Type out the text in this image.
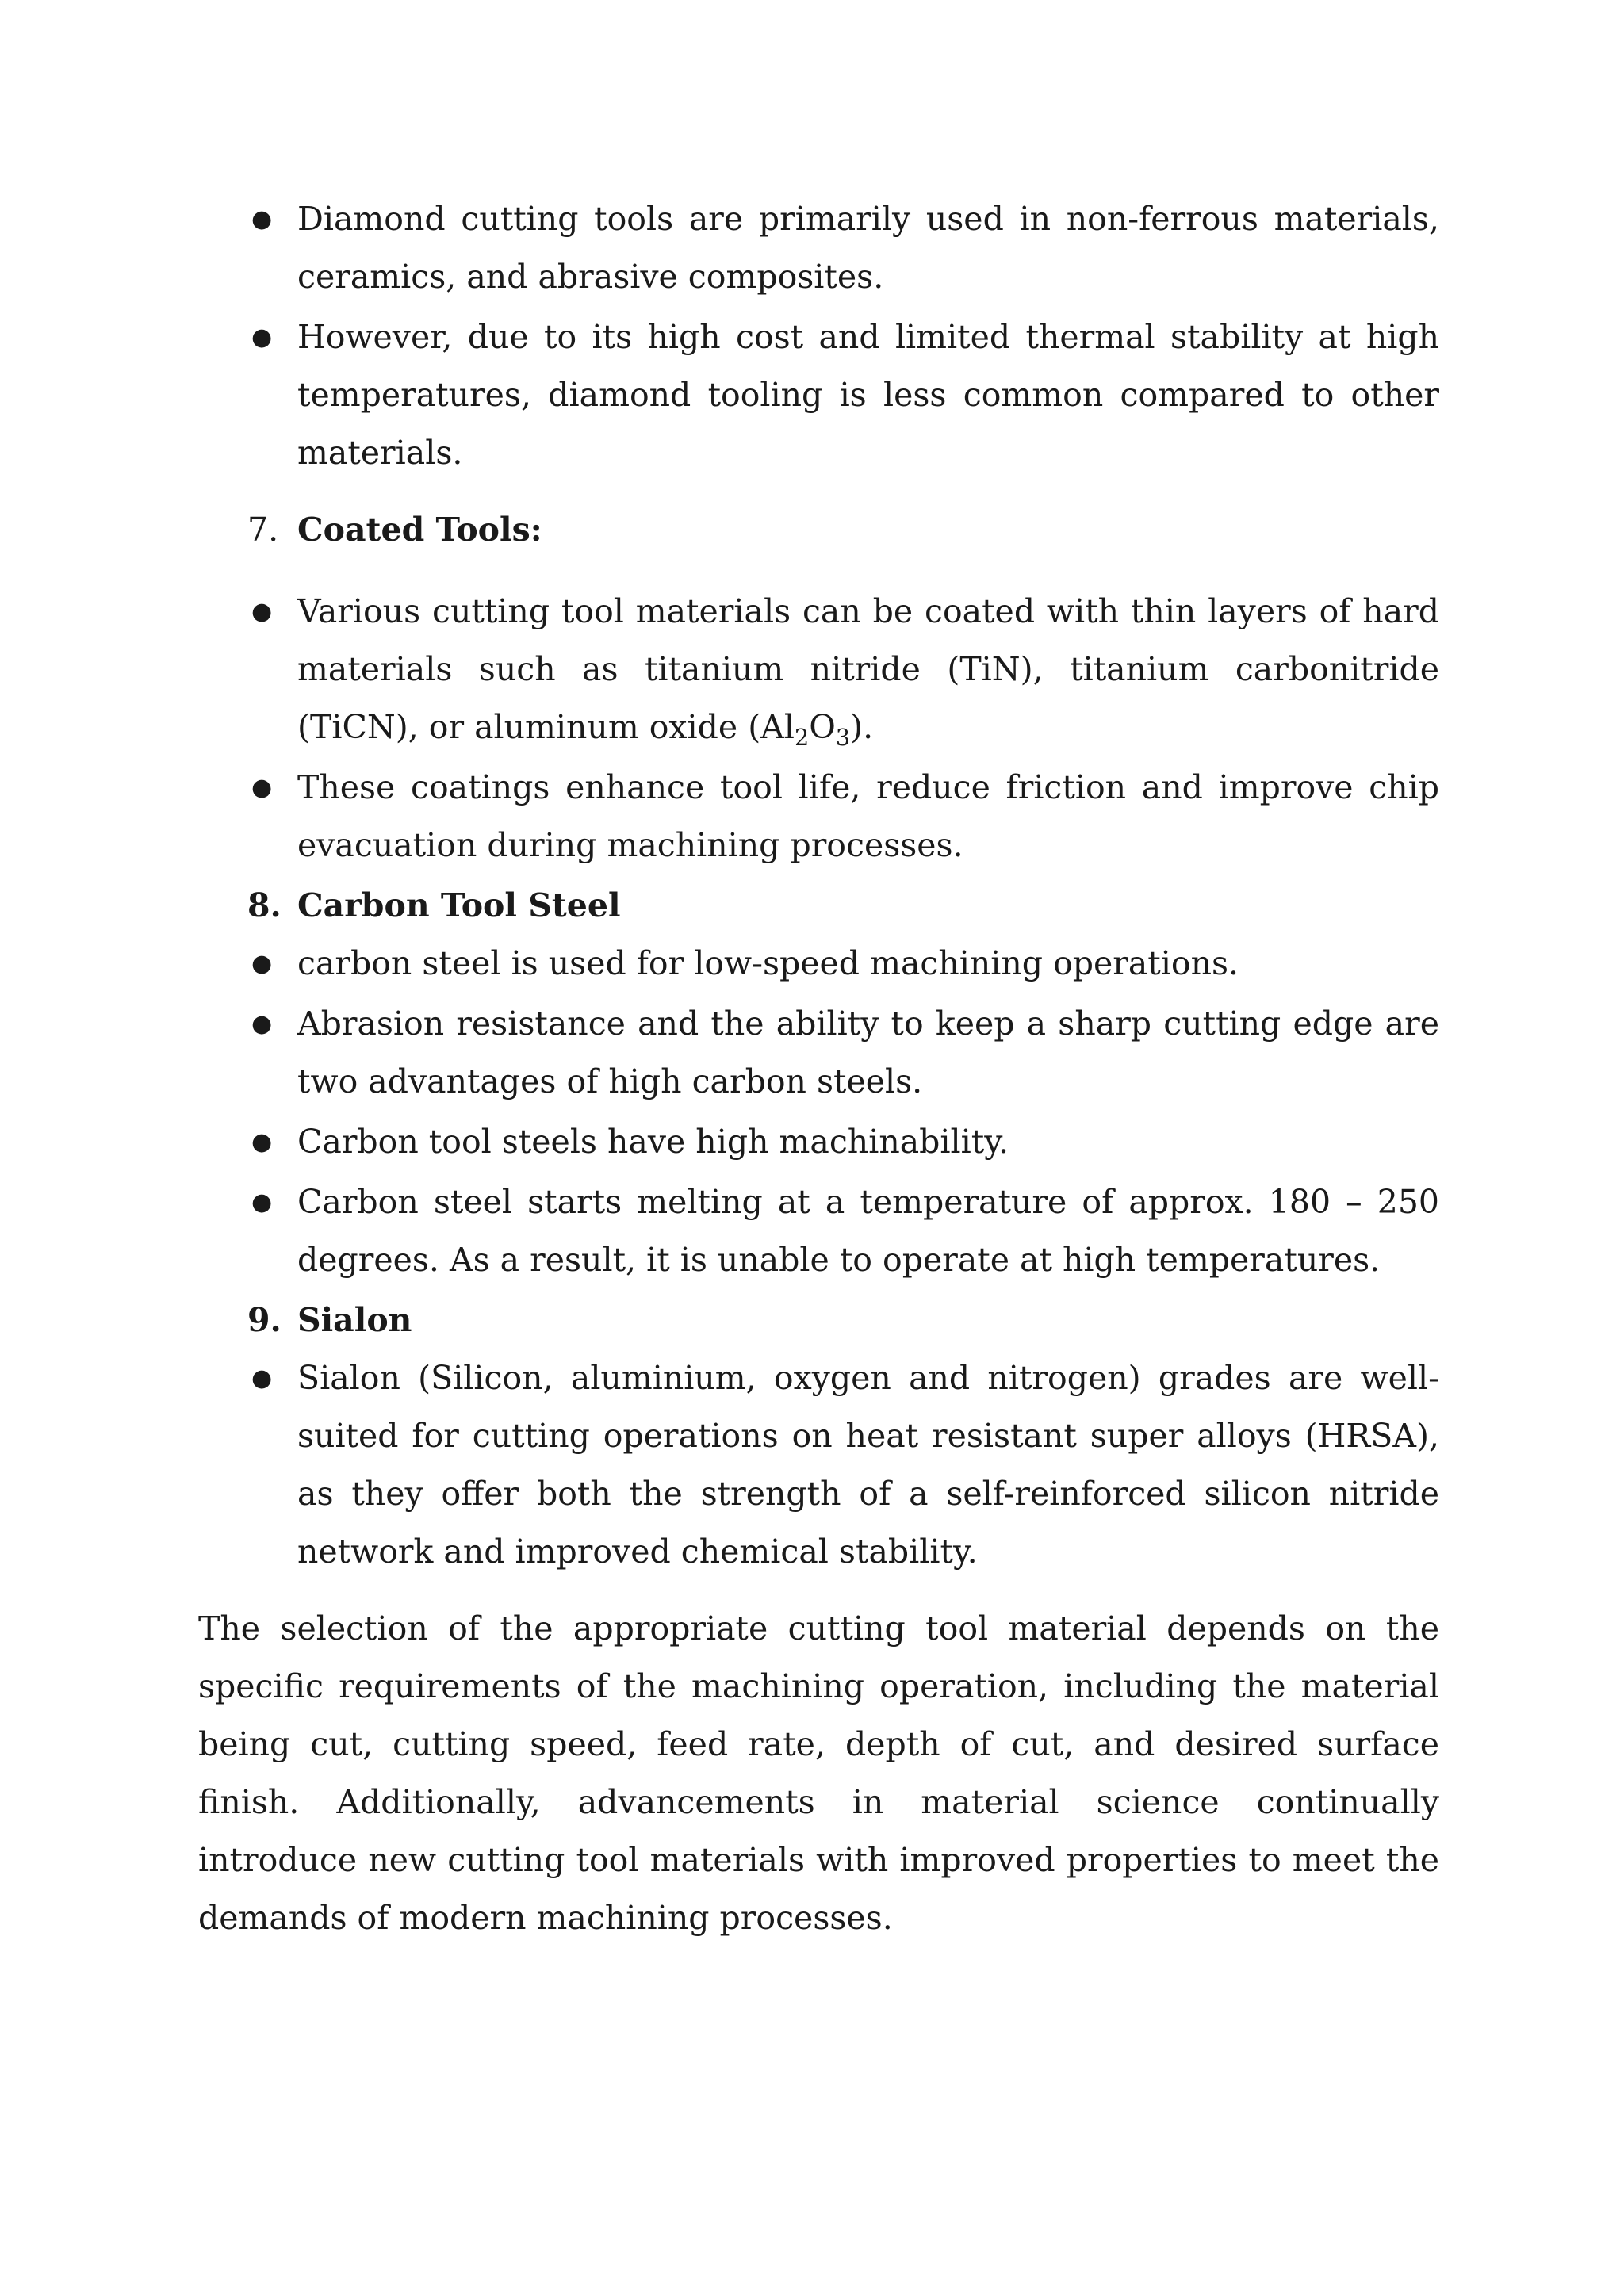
● Diamond cutting tools are primarily used in non-ferrous materials, ceramics, and abrasive composites.
● However, due to its high cost and limited thermal stability at high temperatures, diamond tooling is less common compared to other materials.
7. Coated Tools:
● Various cutting tool materials can be coated with thin layers of hard materials such as titanium nitride (TiN), titanium carbonitride (TiCN), or aluminum oxide $(Al_2O_3)$.
● These coatings enhance tool life, reduce friction and improve chip evacuation during machining processes.
8. Carbon Tool Steel
● carbon steel is used for low-speed machining operations.
● Abrasion resistance and the ability to keep a sharp cutting edge are two advantages of high carbon steels.
● Carbon tool steels have high machinability.
● Carbon steel starts melting at a temperature of approx. 180 – 250 degrees. As a result, it is unable to operate at high temperatures.
9. Sialon
● Sialon (Silicon, aluminium, oxygen and nitrogen) grades are well-suited for cutting operations on heat resistant super alloys (HRSA), as they offer both the strength of a self-reinforced silicon nitride network and improved chemical stability.

The selection of the appropriate cutting tool material depends on the specific requirements of the machining operation, including the material being cut, cutting speed, feed rate, depth of cut, and desired surface finish. Additionally, advancements in material science continually introduce new cutting tool materials with improved properties to meet the demands of modern machining processes.
